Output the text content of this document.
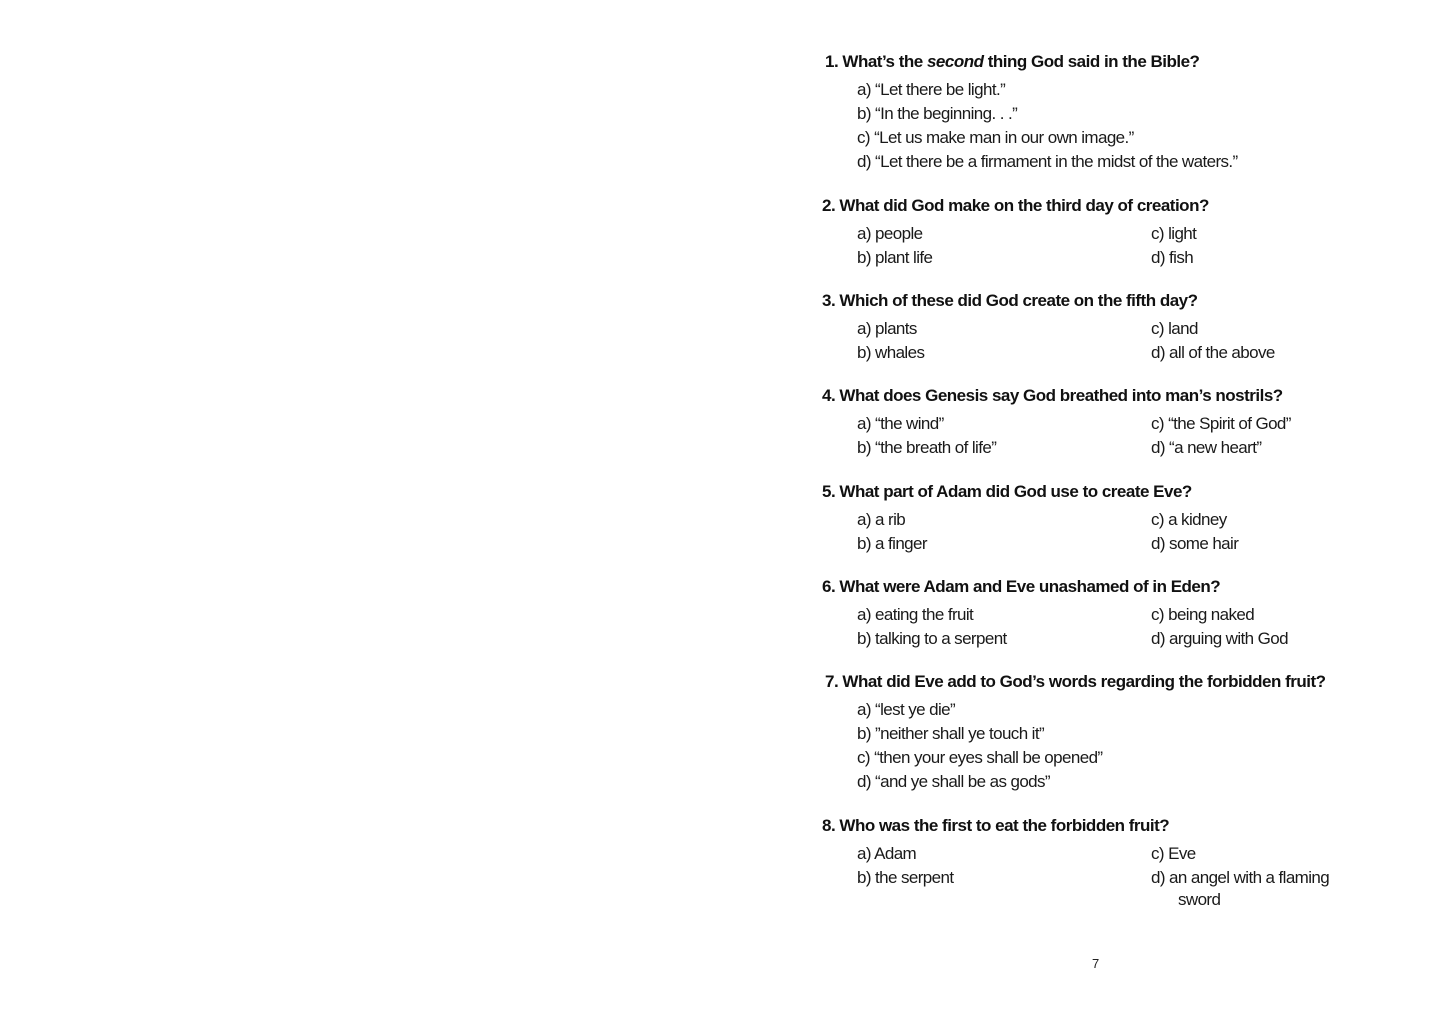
1. What’s the second thing God said in the Bible?
a) “Let there be light.”
b) “In the beginning. . .”
c) “Let us make man in our own image.”
d) “Let there be a firmament in the midst of the waters.”
2. What did God make on the third day of creation?
a) people
b) plant life
c) light
d) fish
3. Which of these did God create on the fifth day?
a) plants
b) whales
c) land
d) all of the above
4. What does Genesis say God breathed into man’s nostrils?
a) “the wind”
b) “the breath of life”
c) “the Spirit of God”
d) “a new heart”
5. What part of Adam did God use to create Eve?
a) a rib
b) a finger
c) a kidney
d) some hair
6. What were Adam and Eve unashamed of in Eden?
a) eating the fruit
b) talking to a serpent
c) being naked
d) arguing with God
7. What did Eve add to God’s words regarding the forbidden fruit?
a) “lest ye die”
b) ”neither shall ye touch it”
c) “then your eyes shall be opened”
d) “and ye shall be as gods”
8. Who was the first to eat the forbidden fruit?
a) Adam
b) the serpent
c) Eve
d) an angel with a flaming
sword
7
